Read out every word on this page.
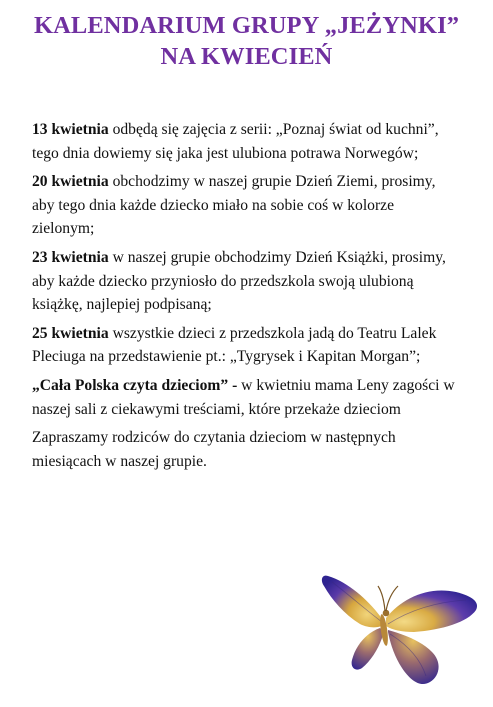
KALENDARIUM GRUPY „JEŻYNKI”
NA KWIECIEŃ

13 kwietnia odbędą się zajęcia z serii: „Poznaj świat od kuchni”, tego dnia dowiemy się jaka jest ulubiona potrawa Norwegów;

20 kwietnia obchodzimy w naszej grupie Dzień Ziemi, prosimy, aby tego dnia każde dziecko miało na sobie coś w kolorze zielonym;

23 kwietnia w naszej grupie obchodzimy Dzień Książki, prosimy, aby każde dziecko przyniosło do przedszkola swoją ulubioną książkę, najlepiej podpisaną;

25 kwietnia wszystkie dzieci z przedszkola jadą do Teatru Lalek Pleciuga na przedstawienie pt.: „Tygrysek i Kapitan Morgan”;

„Cała Polska czyta dzieciom” - w kwietniu mama Leny zagości w naszej sali z ciekawymi treściami, które przekaże dzieciom

Zapraszamy rodziców do czytania dzieciom w następnych miesiącach w naszej grupie.
